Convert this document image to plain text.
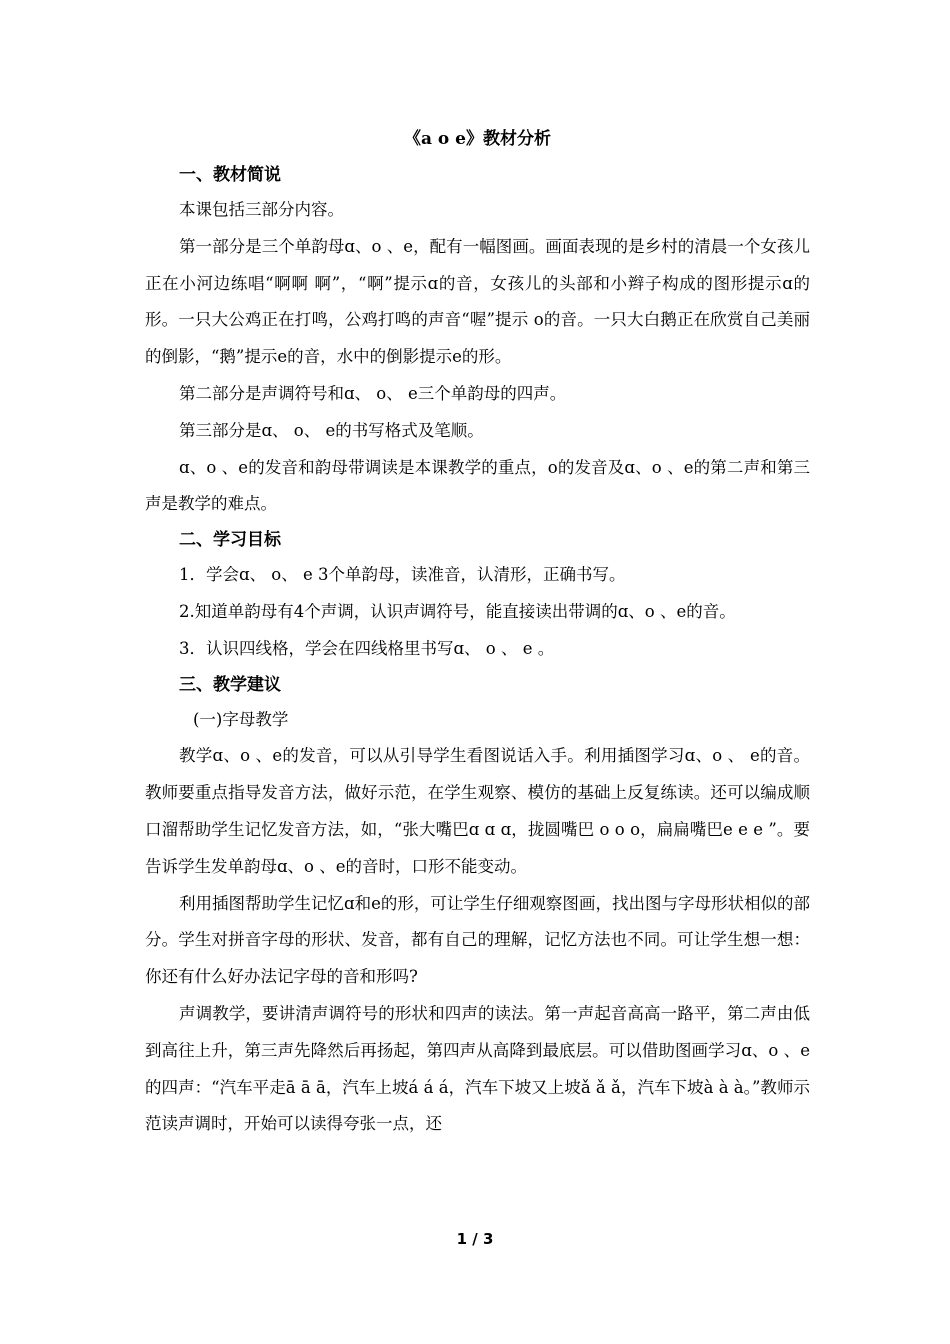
《a o e》教材分析

一、教材简说

本课包括三部分内容。

第一部分是三个单韵母ɑ、o 、e，配有一幅图画。画面表现的是乡村的清晨一个女孩儿正在小河边练唱“啊啊 啊”，“啊”提示ɑ的音，女孩儿的头部和小辫子构成的图形提示ɑ的形。一只大公鸡正在打鸣，公鸡打鸣的声音“喔”提示 o的音。一只大白鹅正在欣赏自己美丽的倒影，“鹅”提示e的音，水中的倒影提示e的形。

第二部分是声调符号和ɑ、 o、 e三个单韵母的四声。

第三部分是ɑ、 o、 e的书写格式及笔顺。

ɑ、o 、e的发音和韵母带调读是本课教学的重点，o的发音及ɑ、o 、e的第二声和第三声是教学的难点。

二、学习目标

1．学会ɑ、 o、 e 3个单韵母，读准音，认清形，正确书写。

2.知道单韵母有4个声调，认识声调符号，能直接读出带调的ɑ、o 、e的音。

3．认识四线格，学会在四线格里书写ɑ、 o 、 e 。

三、教学建议

(一)字母教学

教学ɑ、o 、e的发音，可以从引导学生看图说话入手。利用插图学习ɑ、o 、 e的音。教师要重点指导发音方法，做好示范，在学生观察、模仿的基础上反复练读。还可以编成顺口溜帮助学生记忆发音方法，如，“张大嘴巴ɑ ɑ ɑ，拢圆嘴巴 o o o，扁扁嘴巴e e e ”。要告诉学生发单韵母ɑ、o 、e的音时，口形不能变动。

利用插图帮助学生记忆ɑ和e的形，可让学生仔细观察图画，找出图与字母形状相似的部分。学生对拼音字母的形状、发音，都有自己的理解，记忆方法也不同。可让学生想一想：你还有什么好办法记字母的音和形吗?

声调教学，要讲清声调符号的形状和四声的读法。第一声起音高高一路平，第二声由低到高往上升，第三声先降然后再扬起，第四声从高降到最底层。可以借助图画学习ɑ、o 、e的四声：“汽车平走ā ā ā，汽车上坡á á á，汽车下坡又上坡ǎ ǎ ǎ，汽车下坡à à à。”教师示范读声调时，开始可以读得夸张一点，还

1 / 3
